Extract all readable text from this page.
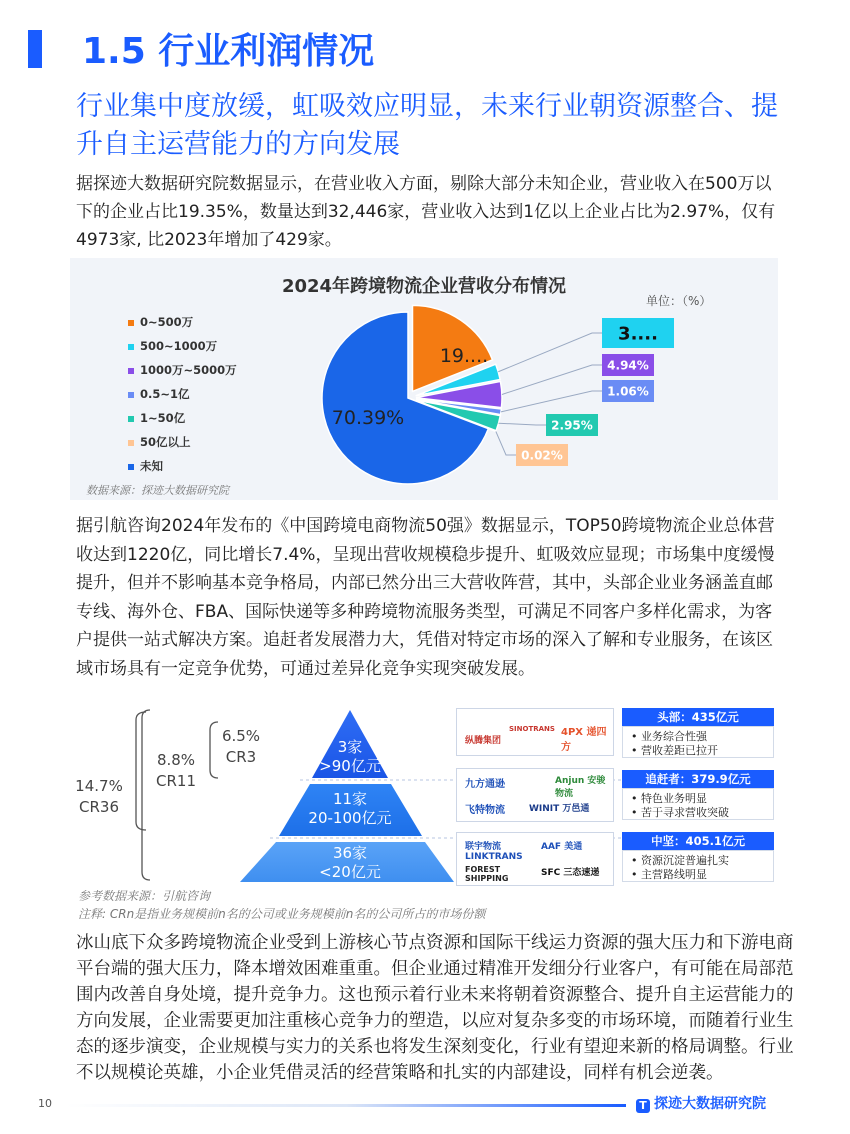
1.5 行业利润情况
行业集中度放缓，虹吸效应明显，未来行业朝资源整合、提升自主运营能力的方向发展
据探迹大数据研究院数据显示，在营业收入方面，剔除大部分未知企业，营业收入在500万以下的企业占比19.35%，数量达到32,446家，营业收入达到1亿以上企业占比为2.97%，仅有4973家, 比2023年增加了429家。
19....
70.39%
3....
4.94%
1.06%
2.95%
0.02%
2024年跨境物流企业营收分布情况
单位：（%）
0~500万
500~1000万
1000万~5000万
0.5~1亿
1~50亿
50亿以上
未知
数据来源：探迹大数据研究院
据引航咨询2024年发布的《中国跨境电商物流50强》数据显示，TOP50跨境物流企业总体营收达到1220亿，同比增长7.4%，呈现出营收规模稳步提升、虹吸效应显现；市场集中度缓慢提升，但并不影响基本竞争格局，内部已然分出三大营收阵营，其中，头部企业业务涵盖直邮专线、海外仓、FBA、国际快递等多种跨境物流服务类型，可满足不同客户多样化需求，为客户提供一站式解决方案。追赶者发展潜力大，凭借对特定市场的深入了解和专业服务，在该区域市场具有一定竞争优势，可通过差异化竞争实现突破发展。
3家
>90亿元
11家
20-100亿元
36家
<20亿元
6.5%
CR3
8.8%
CR11
14.7%
CR36
纵腾集团
SINOTRANS 4PX 递四方
九方通逊	Anjun 安骏物流
飞特物流	WINIT 万邑通
联宇物流 LINKTRANS
AAF 美通
FOREST SHIPPING
SFC 三态速递
头部：435亿元
• 业务综合性强
• 营收差距已拉开
追赶者：379.9亿元
• 特色业务明显
• 苦于寻求营收突破
中坚：405.1亿元
• 资源沉淀普遍扎实
• 主营路线明显
参考数据来源：引航咨询
注释: CRn是指业务规模前n名的公司或业务规模前n名的公司所占的市场份额
冰山底下众多跨境物流企业受到上游核心节点资源和国际干线运力资源的强大压力和下游电商平台端的强大压力，降本增效困难重重。但企业通过精准开发细分行业客户，有可能在局部范围内改善自身处境，提升竞争力。这也预示着行业未来将朝着资源整合、提升自主运营能力的方向发展，企业需要更加注重核心竞争力的塑造，以应对复杂多变的市场环境，而随着行业生态的逐步演变，企业规模与实力的关系也将发生深刻变化，行业有望迎来新的格局调整。行业不以规模论英雄，小企业凭借灵活的经营策略和扎实的内部建设，同样有机会逆袭。
10	T 探迹大数据研究院
